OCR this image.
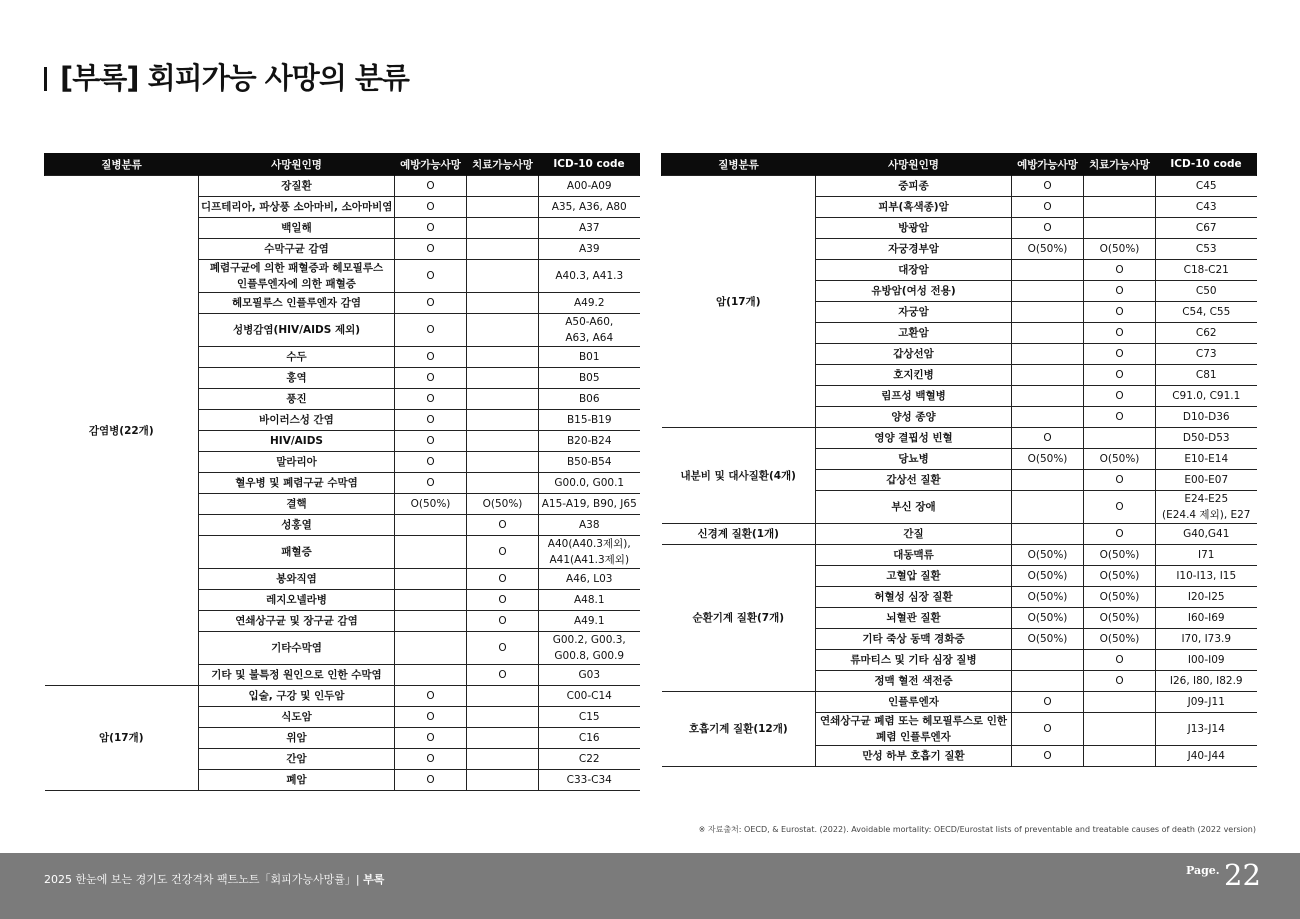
[부록] 회피가능 사망의 분류
질병분류	사망원인명	예방가능사망	치료가능사망	ICD-10 code
감염병(22개)	장질환	O		A00-A09
	디프테리아, 파상풍 소아마비, 소아마비염	O		A35, A36, A80
	백일해	O		A37
	수막구균 감염	O		A39
	폐렴구균에 의한 패혈증과 헤모필루스
인플루엔자에 의한 패혈증	O		A40.3, A41.3
	헤모필루스 인플루엔자 감염	O		A49.2
	성병감염(HIV/AIDS 제외)	O		A50-A60,
A63, A64
	수두	O		B01
	홍역	O		B05
	풍진	O		B06
	바이러스성 간염	O		B15-B19
	HIV/AIDS	O		B20-B24
	말라리아	O		B50-B54
	혈우병 및 폐렴구균 수막염	O		G00.0, G00.1
	결핵	O(50%)	O(50%)	A15-A19, B90, J65
	성홍열		O	A38
	패혈증		O	A40(A40.3제외),
A41(A41.3제외)
	봉와직염		O	A46, L03
	레지오넬라병		O	A48.1
	연쇄상구균 및 장구균 감염		O	A49.1
	기타수막염		O	G00.2, G00.3,
G00.8, G00.9
	기타 및 불특정 원인으로 인한 수막염		O	G03
암(17개)	입술, 구강 및 인두암	O		C00-C14
	식도암	O		C15
	위암	O		C16
	간암	O		C22
	폐암	O		C33-C34
질병분류	사망원인명	예방가능사망	치료가능사망	ICD-10 code
암(17개)	중피종	O		C45
	피부(흑색종)암	O		C43
	방광암	O		C67
	자궁경부암	O(50%)	O(50%)	C53
	대장암		O	C18-C21
	유방암(여성 전용)		O	C50
	자궁암		O	C54, C55
	고환암		O	C62
	갑상선암		O	C73
	호지킨병		O	C81
	림프성 백혈병		O	C91.0, C91.1
	양성 종양		O	D10-D36
내분비 및 대사질환(4개)	영양 결핍성 빈혈	O		D50-D53
	당뇨병	O(50%)	O(50%)	E10-E14
	갑상선 질환		O	E00-E07
	부신 장애		O	E24-E25
(E24.4 제외), E27
신경계 질환(1개)	간질		O	G40,G41
순환기계 질환(7개)	대동맥류	O(50%)	O(50%)	I71
	고혈압 질환	O(50%)	O(50%)	I10-I13, I15
	허혈성 심장 질환	O(50%)	O(50%)	I20-I25
	뇌혈관 질환	O(50%)	O(50%)	I60-I69
	기타 죽상 동맥 경화증	O(50%)	O(50%)	I70, I73.9
	류마티스 및 기타 심장 질병		O	I00-I09
	정맥 혈전 색전증		O	I26, I80, I82.9
호흡기계 질환(12개)	인플루엔자	O		J09-J11
	연쇄상구균 폐렴 또는 헤모필루스로 인한
폐렴 인플루엔자	O		J13-J14
	만성 하부 호흡기 질환	O		J40-J44
※ 자료출처: OECD, & Eurostat. (2022). Avoidable mortality: OECD/Eurostat lists of preventable and treatable causes of death (2022 version)
2025 한눈에 보는 경기도 건강격차 팩트노트「회피가능사망률」| 부록
Page. 22
